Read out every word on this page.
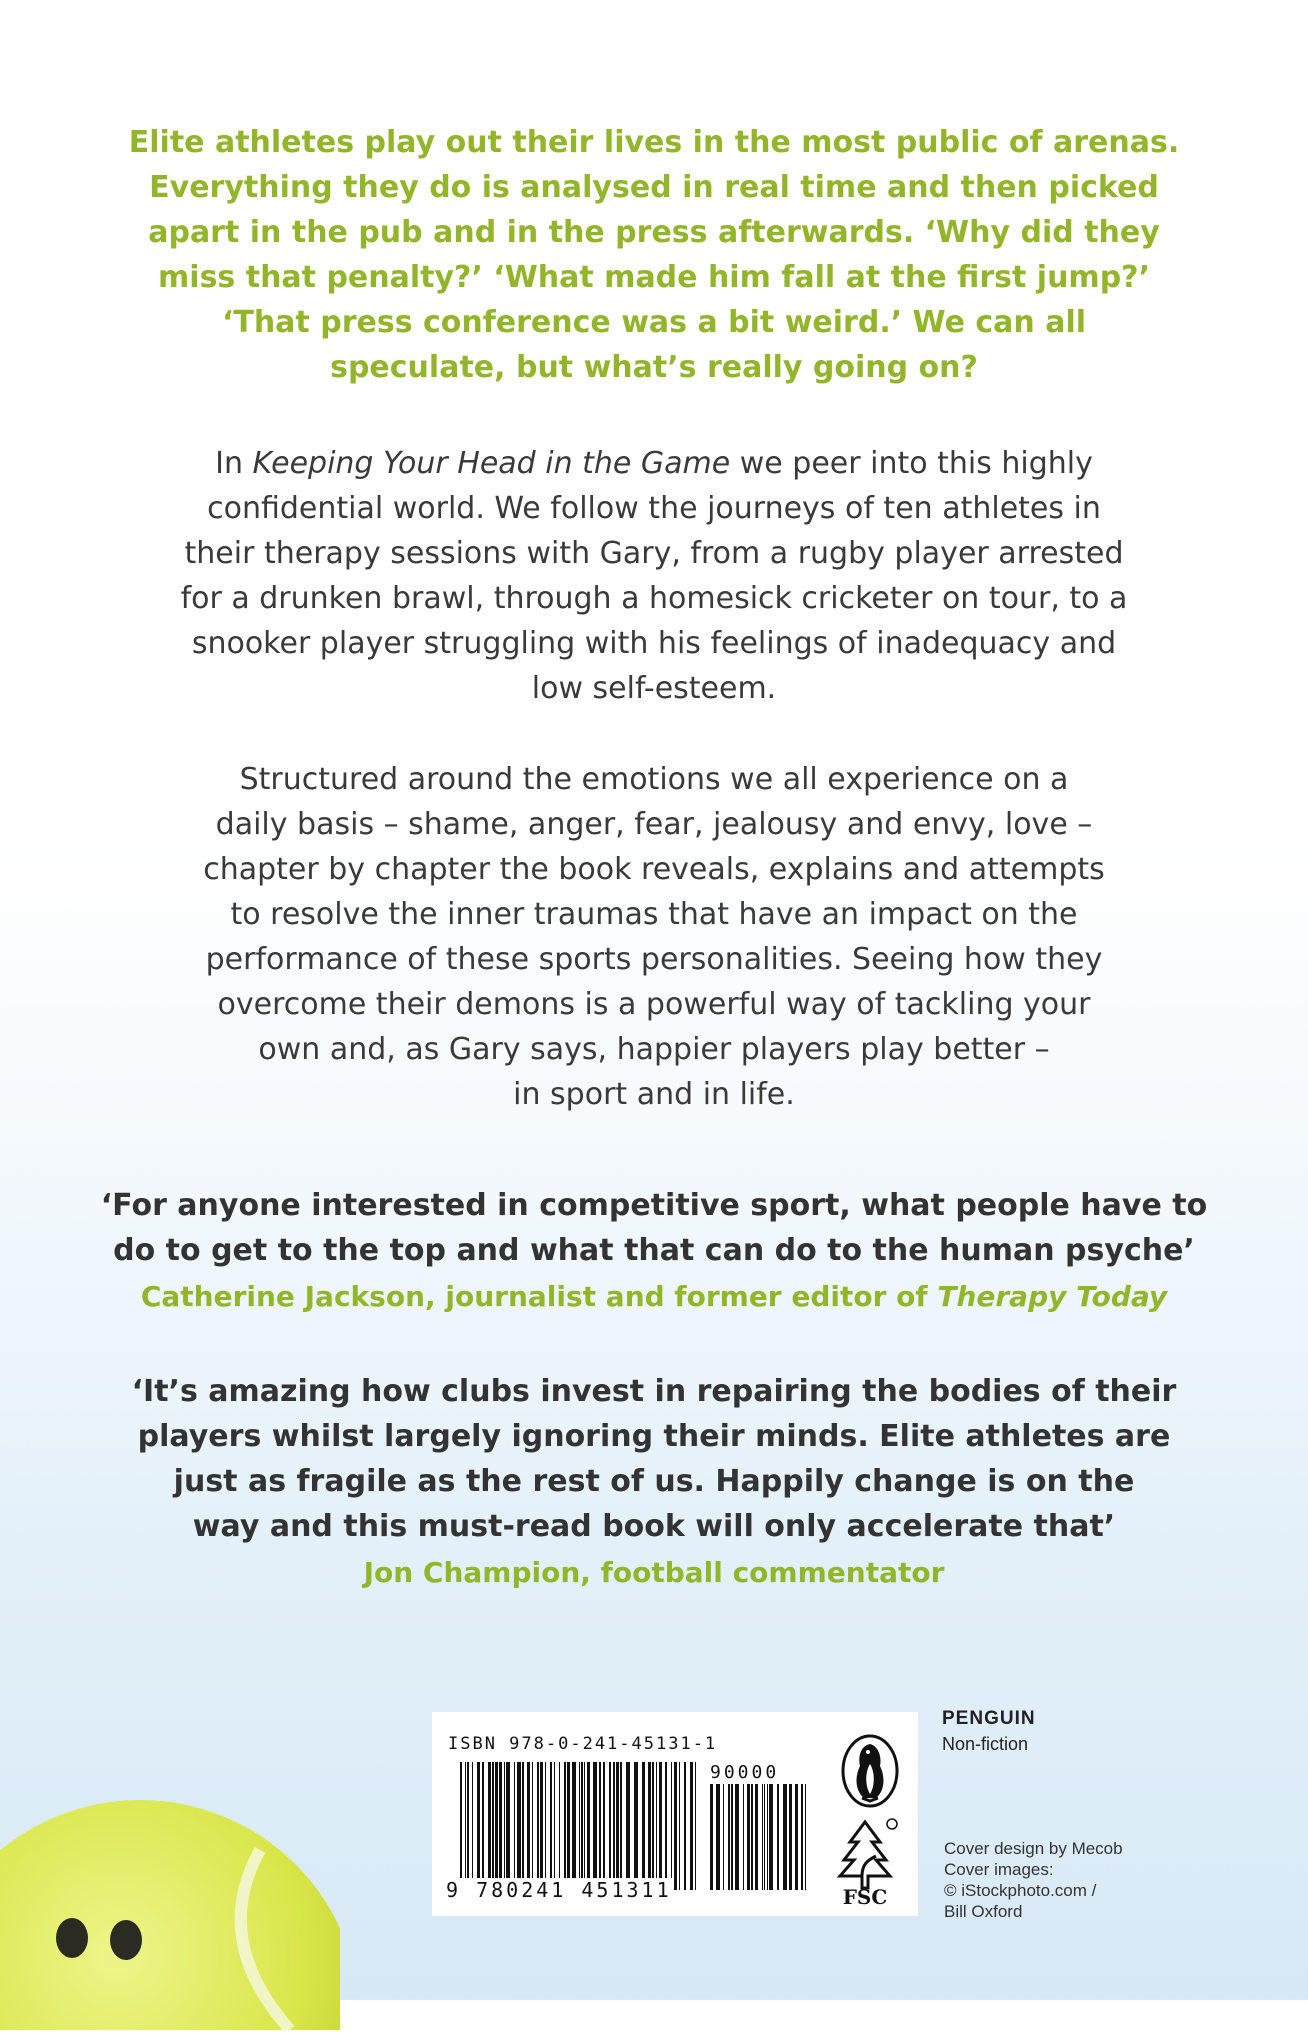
Elite athletes play out their lives in the most public of arenas.
Everything they do is analysed in real time and then picked
apart in the pub and in the press afterwards. ‘Why did they
miss that penalty?’ ‘What made him fall at the first jump?’
‘That press conference was a bit weird.’ We can all
speculate, but what’s really going on?
In Keeping Your Head in the Game we peer into this highly
confidential world. We follow the journeys of ten athletes in
their therapy sessions with Gary, from a rugby player arrested
for a drunken brawl, through a homesick cricketer on tour, to a
snooker player struggling with his feelings of inadequacy and
low self-esteem.
Structured around the emotions we all experience on a
daily basis – shame, anger, fear, jealousy and envy, love –
chapter by chapter the book reveals, explains and attempts
to resolve the inner traumas that have an impact on the
performance of these sports personalities. Seeing how they
overcome their demons is a powerful way of tackling your
own and, as Gary says, happier players play better –
in sport and in life.
‘For anyone interested in competitive sport, what people have to
do to get to the top and what that can do to the human psyche’
Catherine Jackson, journalist and former editor of Therapy Today
‘It’s amazing how clubs invest in repairing the bodies of their
players whilst largely ignoring their minds. Elite athletes are
just as fragile as the rest of us. Happily change is on the
way and this must-read book will only accelerate that’
Jon Champion, football commentator
ISBN 978-0-241-45131-1
90000
9 780241 451311	FSC
PENGUIN
Non-fiction
Cover design by Mecob
Cover images:
© iStockphoto.com /
Bill Oxford
